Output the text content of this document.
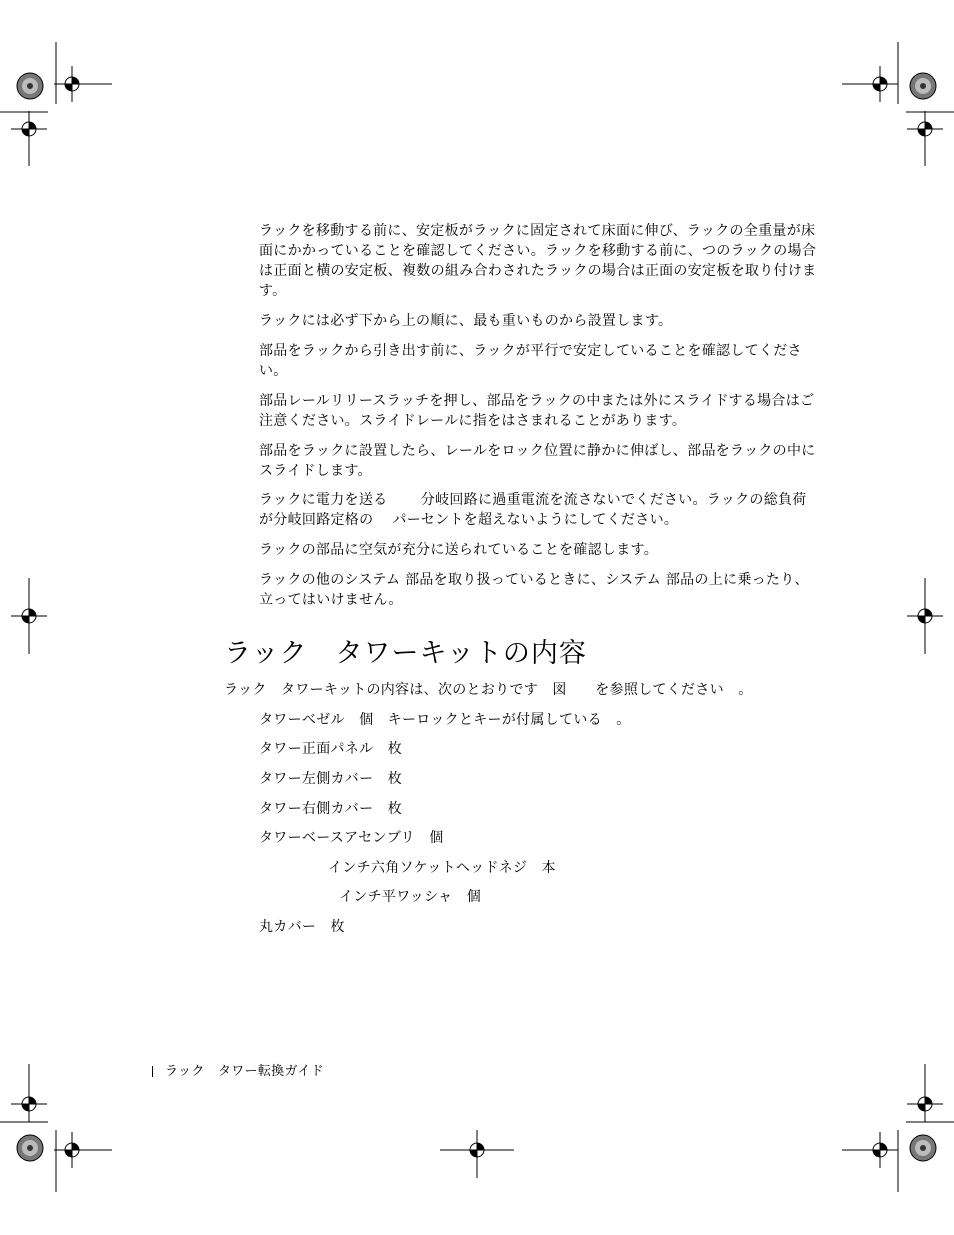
ラックを移動する前に、安定板がラックに固定されて床面に伸び、ラックの全重量が床面にかかっていることを確認してください。ラックを移動する前に、つのラックの場合は正面と横の安定板、複数の組み合わされたラックの場合は正面の安定板を取り付けます。

ラックには必ず下から上の順に、最も重いものから設置します。

部品をラックから引き出す前に、ラックが平行で安定していることを確認してください。

部品レールリリースラッチを押し、部品をラックの中または外にスライドする場合はご注意ください。スライドレールに指をはさまれることがあります。

部品をラックに設置したら、レールをロック位置に静かに伸ばし、部品をラックの中にスライドします。

ラックに電力を送る　　 分岐回路に過重電流を流さないでください。ラックの総負荷が分岐回路定格の　 パーセントを超えないようにしてください。

ラックの部品に空気が充分に送られていることを確認します。

ラックの他のシステム 部品を取り扱っているときに、システム 部品の上に乗ったり、立ってはいけません。

ラック　タワーキットの内容

ラック　タワーキットの内容は、次のとおりです　図　　を参照してください　。

タワーベゼル　個　キーロックとキーが付属している　。

タワー正面パネル　枚

タワー左側カバー　枚

タワー右側カバー　枚

タワーベースアセンブリ　個

インチ六角ソケットヘッドネジ　本

インチ平ワッシャ　個

丸カバー　枚

ラック　タワー転換ガイド
